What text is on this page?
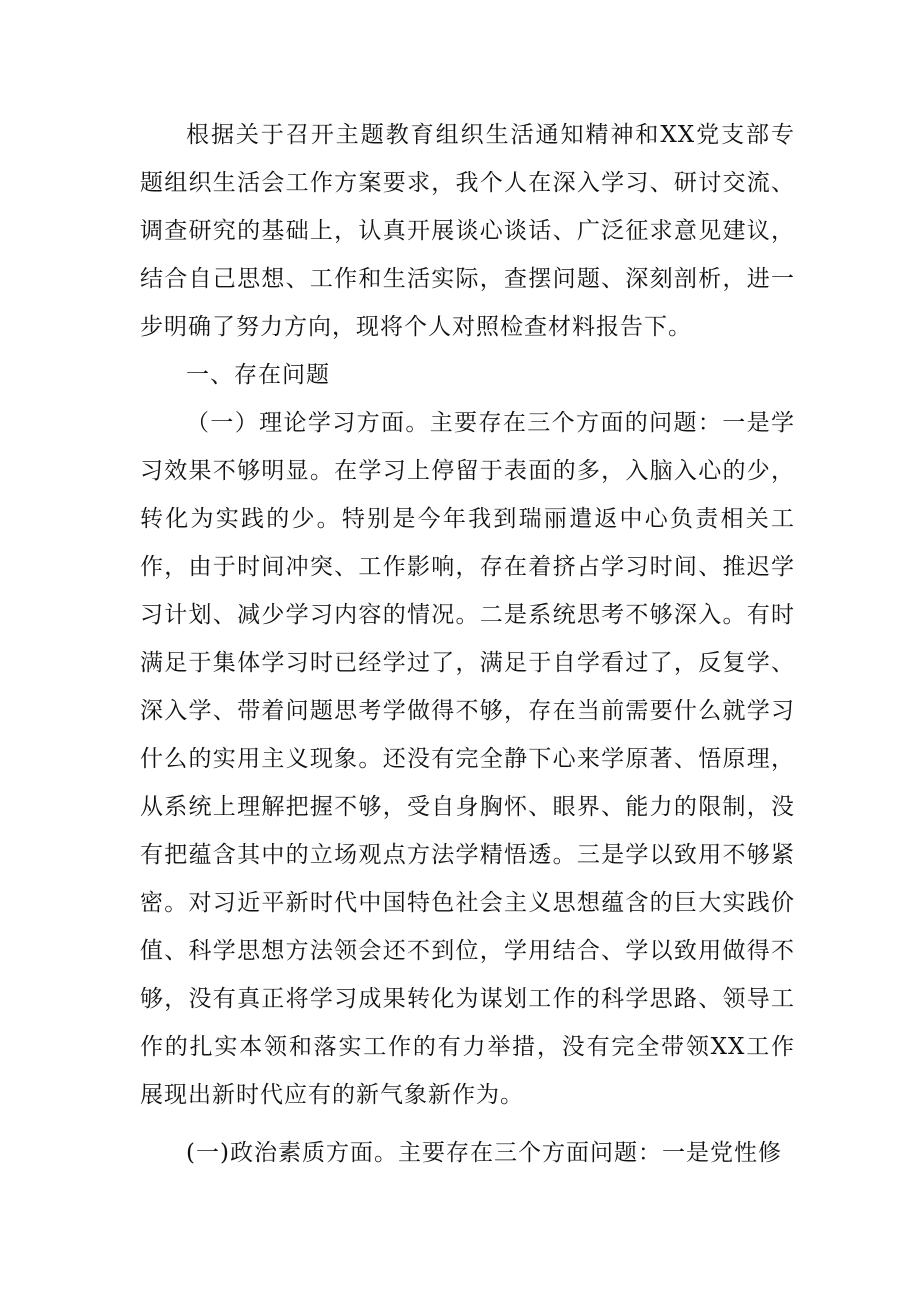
根据关于召开主题教育组织生活通知精神和XX党支部专题组织生活会工作方案要求，我个人在深入学习、研讨交流、调查研究的基础上，认真开展谈心谈话、广泛征求意见建议，结合自己思想、工作和生活实际，查摆问题、深刻剖析，进一步明确了努力方向，现将个人对照检查材料报告下。

一、存在问题

（一）理论学习方面。主要存在三个方面的问题：一是学习效果不够明显。在学习上停留于表面的多，入脑入心的少，转化为实践的少。特别是今年我到瑞丽遣返中心负责相关工作，由于时间冲突、工作影响，存在着挤占学习时间、推迟学习计划、减少学习内容的情况。二是系统思考不够深入。有时满足于集体学习时已经学过了，满足于自学看过了，反复学、深入学、带着问题思考学做得不够，存在当前需要什么就学习什么的实用主义现象。还没有完全静下心来学原著、悟原理，从系统上理解把握不够，受自身胸怀、眼界、能力的限制，没有把蕴含其中的立场观点方法学精悟透。三是学以致用不够紧密。对习近平新时代中国特色社会主义思想蕴含的巨大实践价值、科学思想方法领会还不到位，学用结合、学以致用做得不够，没有真正将学习成果转化为谋划工作的科学思路、领导工作的扎实本领和落实工作的有力举措，没有完全带领XX工作展现出新时代应有的新气象新作为。

(一)政治素质方面。主要存在三个方面问题：一是党性修
